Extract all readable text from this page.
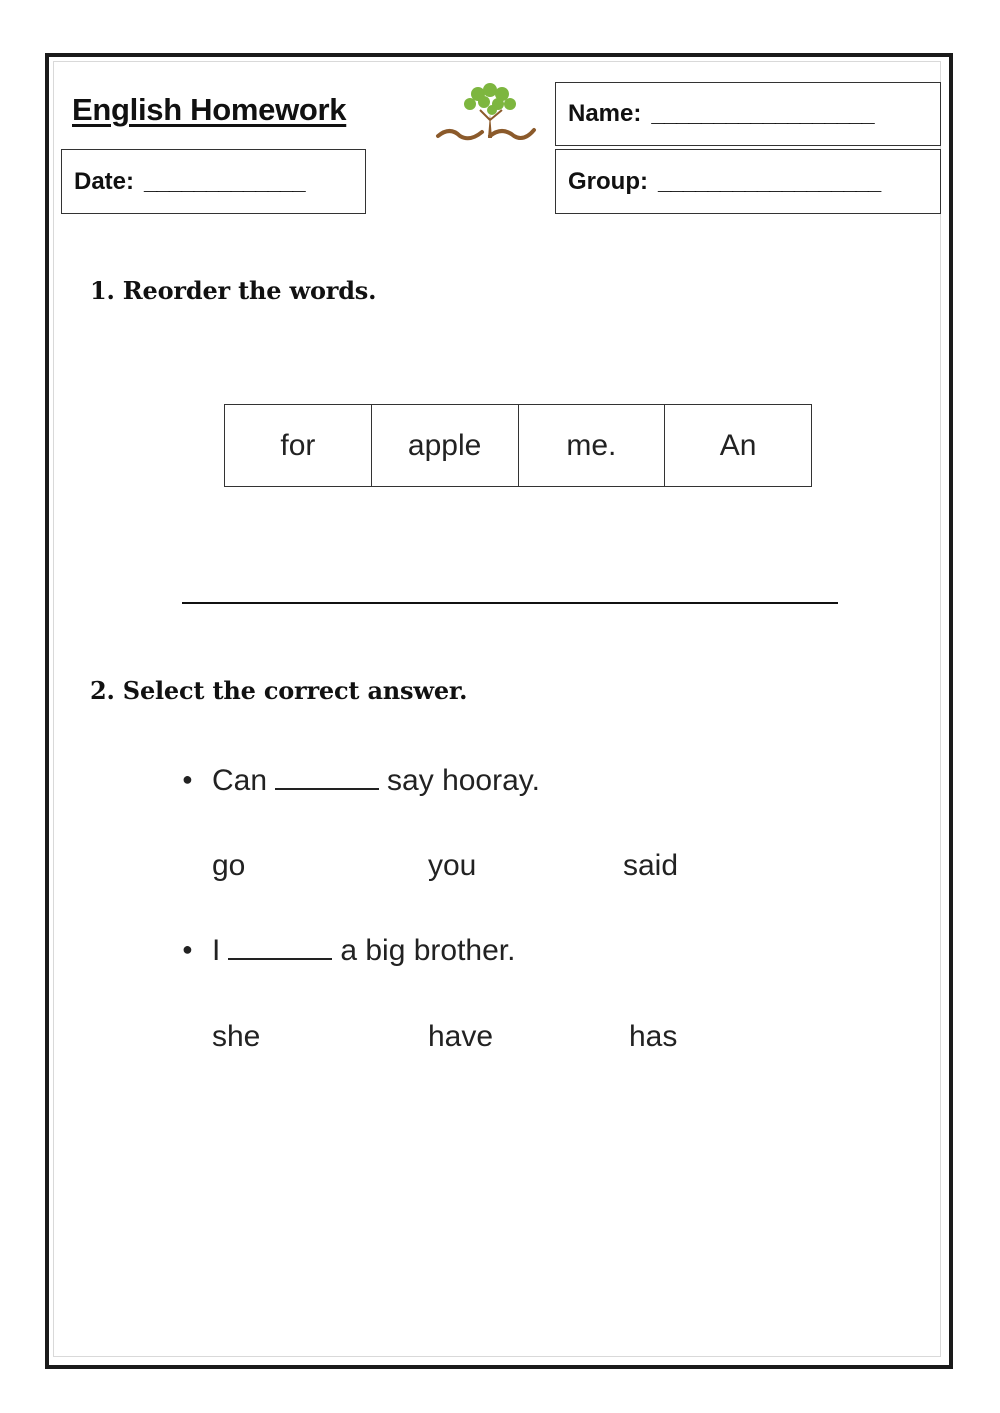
English Homework
روافد
Date: _____________
Name: __________________
Group: __________________
1. Reorder the words.
for	apple	me.	An
2. Select the correct answer.
● Can	say hooray.
go	you	said
● I	a big brother.
she	have	has
